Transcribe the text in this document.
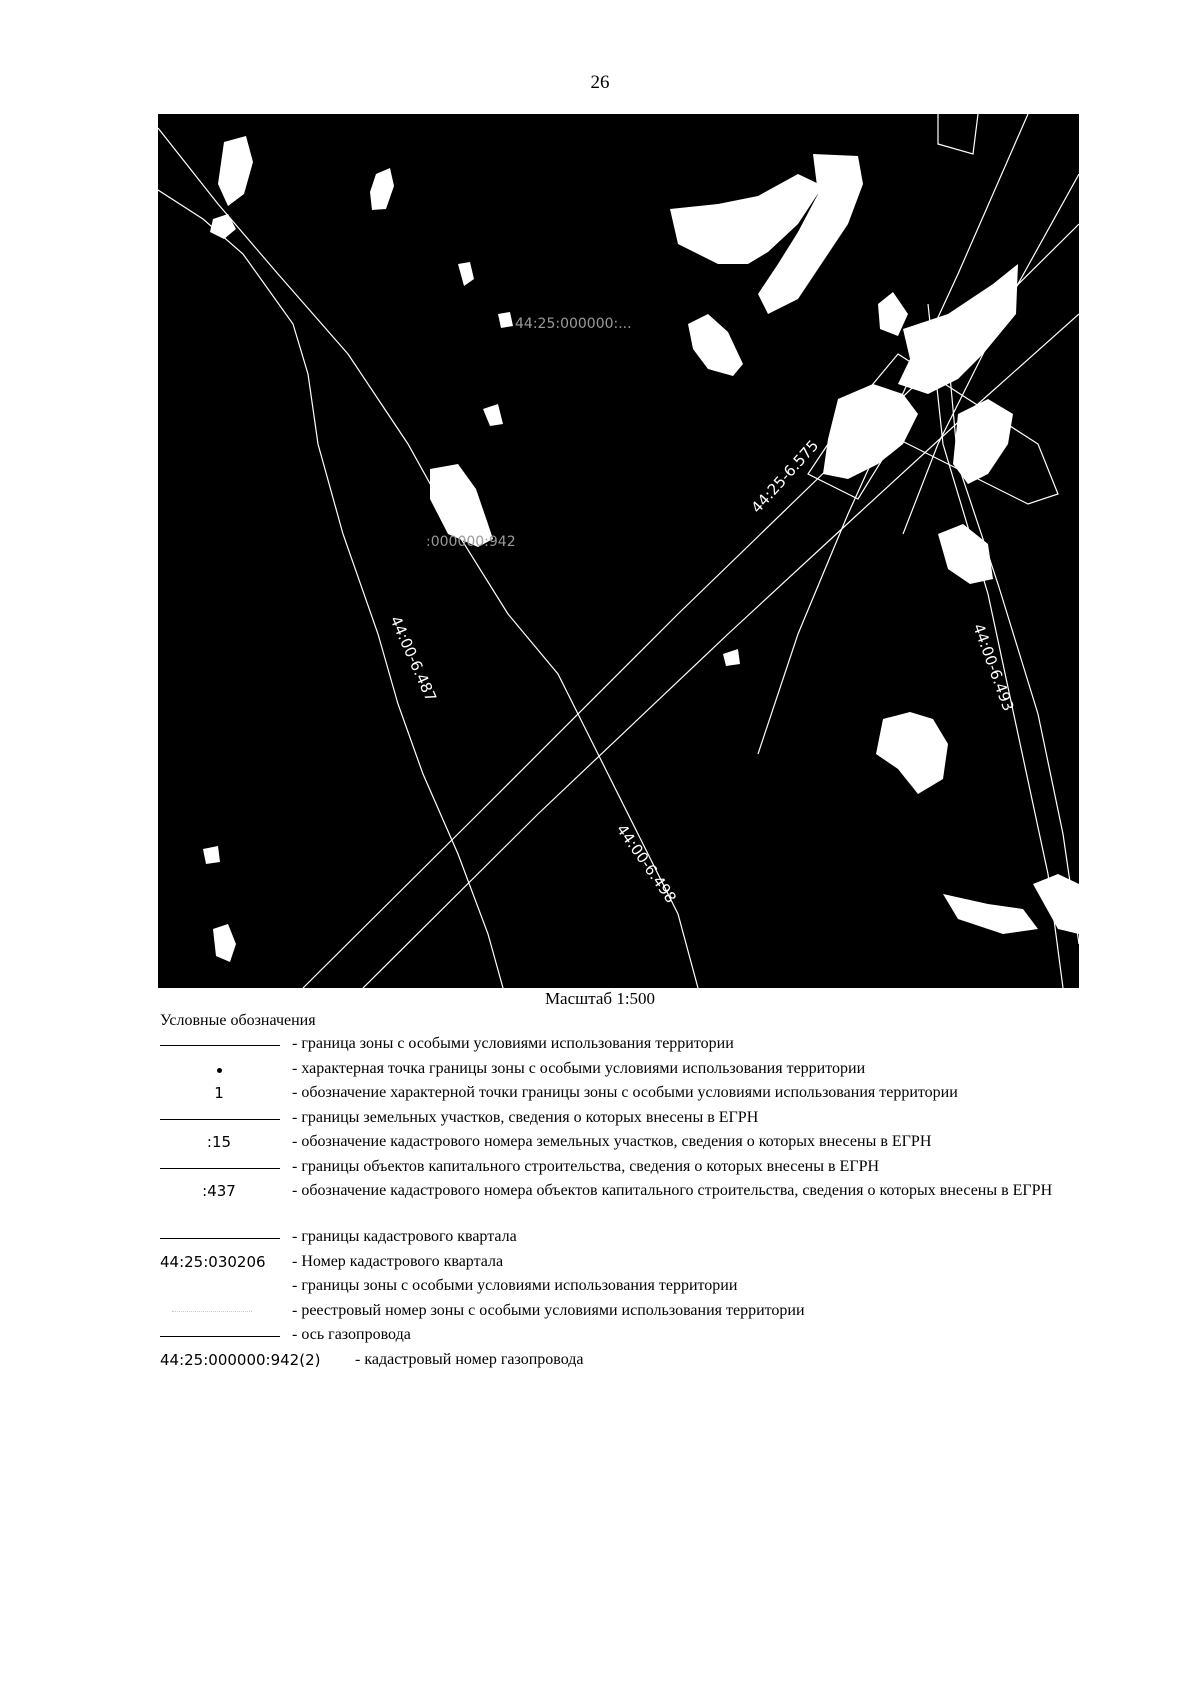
26
44:25-6.575
44:00-6.487
44:00-6.498
44:00-6.493
44:25:000000:...
:000000:942
Масштаб 1:500
Условные обозначения
- граница зоны с особыми условиями использования территории
- характерная точка границы зоны с особыми условиями использования территории
1	- обозначение характерной точки границы зоны с особыми условиями использования территории
- границы земельных участков, сведения о которых внесены в ЕГРН
:15	- обозначение кадастрового номера земельных участков, сведения о которых внесены в ЕГРН
- границы объектов капитального строительства, сведения о которых внесены в ЕГРН
:437	- обозначение кадастрового номера объектов капитального строительства, сведения о которых внесены в ЕГРН
- границы кадастрового квартала
44:25:030206 - Номер кадастрового квартала
- границы зоны с особыми условиями использования территории
- реестровый номер зоны с особыми условиями использования территории
- ось газопровода
44:25:000000:942(2) - кадастровый номер газопровода
